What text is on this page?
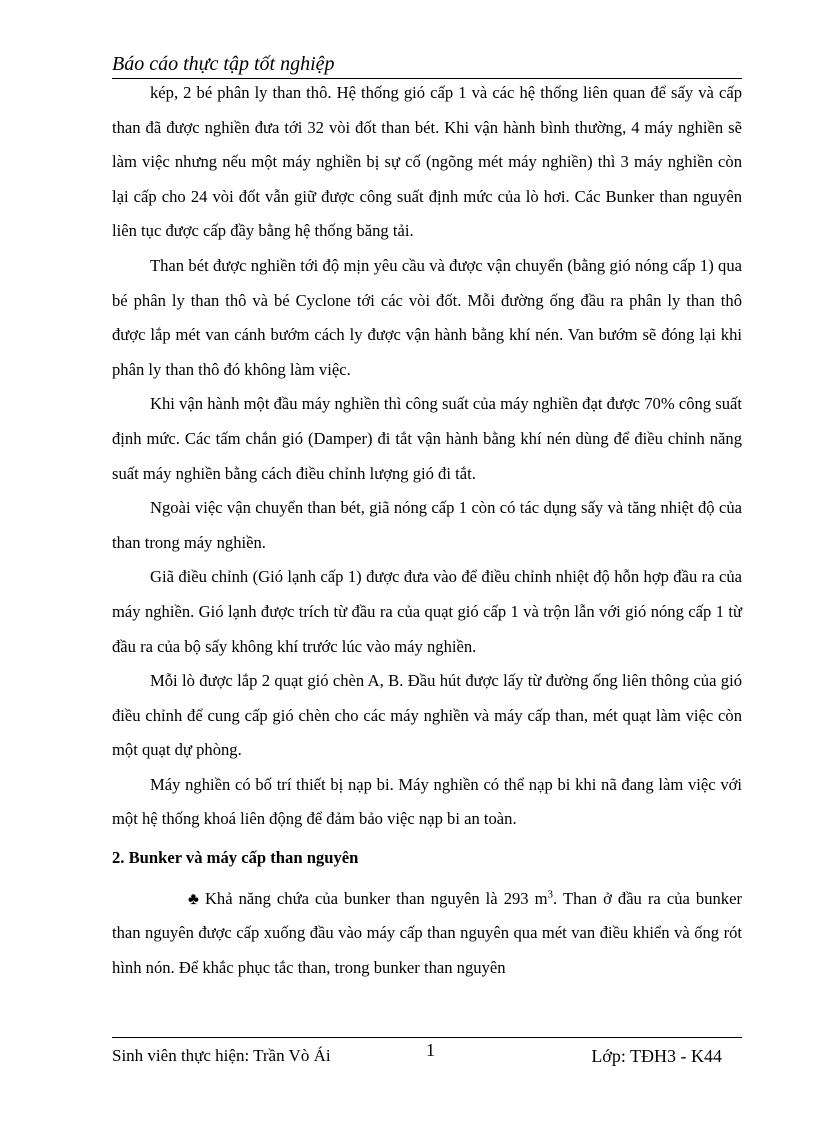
Báo cáo thực tập tốt nghiệp

kép, 2 bé phân ly than thô. Hệ thống gió cấp 1 và các hệ thống liên quan để sấy và cấp than đã được nghiền đưa tới 32 vòi đốt than bét. Khi vận hành bình thường, 4 máy nghiền sẽ làm việc nhưng nếu một máy nghiền bị sự cố (ngõng mét máy nghiền) thì 3 máy nghiền còn lại cấp cho 24 vòi đốt vẫn giữ được công suất định mức của lò hơi. Các Bunker than nguyên liên tục được cấp đầy bằng hệ thống băng tải.

Than bét được nghiền tới độ mịn yêu cầu và được vận chuyển (bằng gió nóng cấp 1) qua bé phân ly than thô và bé Cyclone tới các vòi đốt. Mỗi đường ống đầu ra phân ly than thô được lắp mét van cánh bướm cách ly được vận hành bằng khí nén. Van bướm sẽ đóng lại khi phân ly than thô đó không làm việc.

Khi vận hành một đầu máy nghiền thì công suất của máy nghiền đạt được 70% công suất định mức. Các tấm chắn gió (Damper) đi tắt vận hành bằng khí nén dùng để điều chỉnh năng suất máy nghiền bằng cách điều chỉnh lượng gió đi tắt.

Ngoài việc vận chuyển than bét, giã nóng cấp 1 còn có tác dụng sấy và tăng nhiệt độ của than trong máy nghiền.

Giã điều chỉnh (Gió lạnh cấp 1) được đưa vào để điều chỉnh nhiệt độ hỗn hợp đầu ra của máy nghiền. Gió lạnh được trích từ đầu ra của quạt gió cấp 1 và trộn lẫn với gió nóng cấp 1 từ đầu ra của bộ sấy không khí trước lúc vào máy nghiền.

Mỗi lò được lắp 2 quạt gió chèn A, B. Đầu hút được lấy từ đường ống liên thông của gió điều chỉnh để cung cấp gió chèn cho các máy nghiền và máy cấp than, mét quạt làm việc còn một quạt dự phòng.

Máy nghiền có bố trí thiết bị nạp bi. Máy nghiền có thể nạp bi khi nã đang làm việc với một hệ thống khoá liên động để đảm bảo việc nạp bi an toàn.

2. Bunker và máy cấp than nguyên

♣ Khả năng chứa của bunker than nguyên là 293 $m^3$. Than ở đầu ra của bunker than nguyên được cấp xuống đầu vào máy cấp than nguyên qua mét van điều khiển và ống rót hình nón. Để khắc phục tắc than, trong bunker than nguyên

Sinh viên thực hiện: Trần Vò Ái	1	Lớp: TĐH3 - K44
